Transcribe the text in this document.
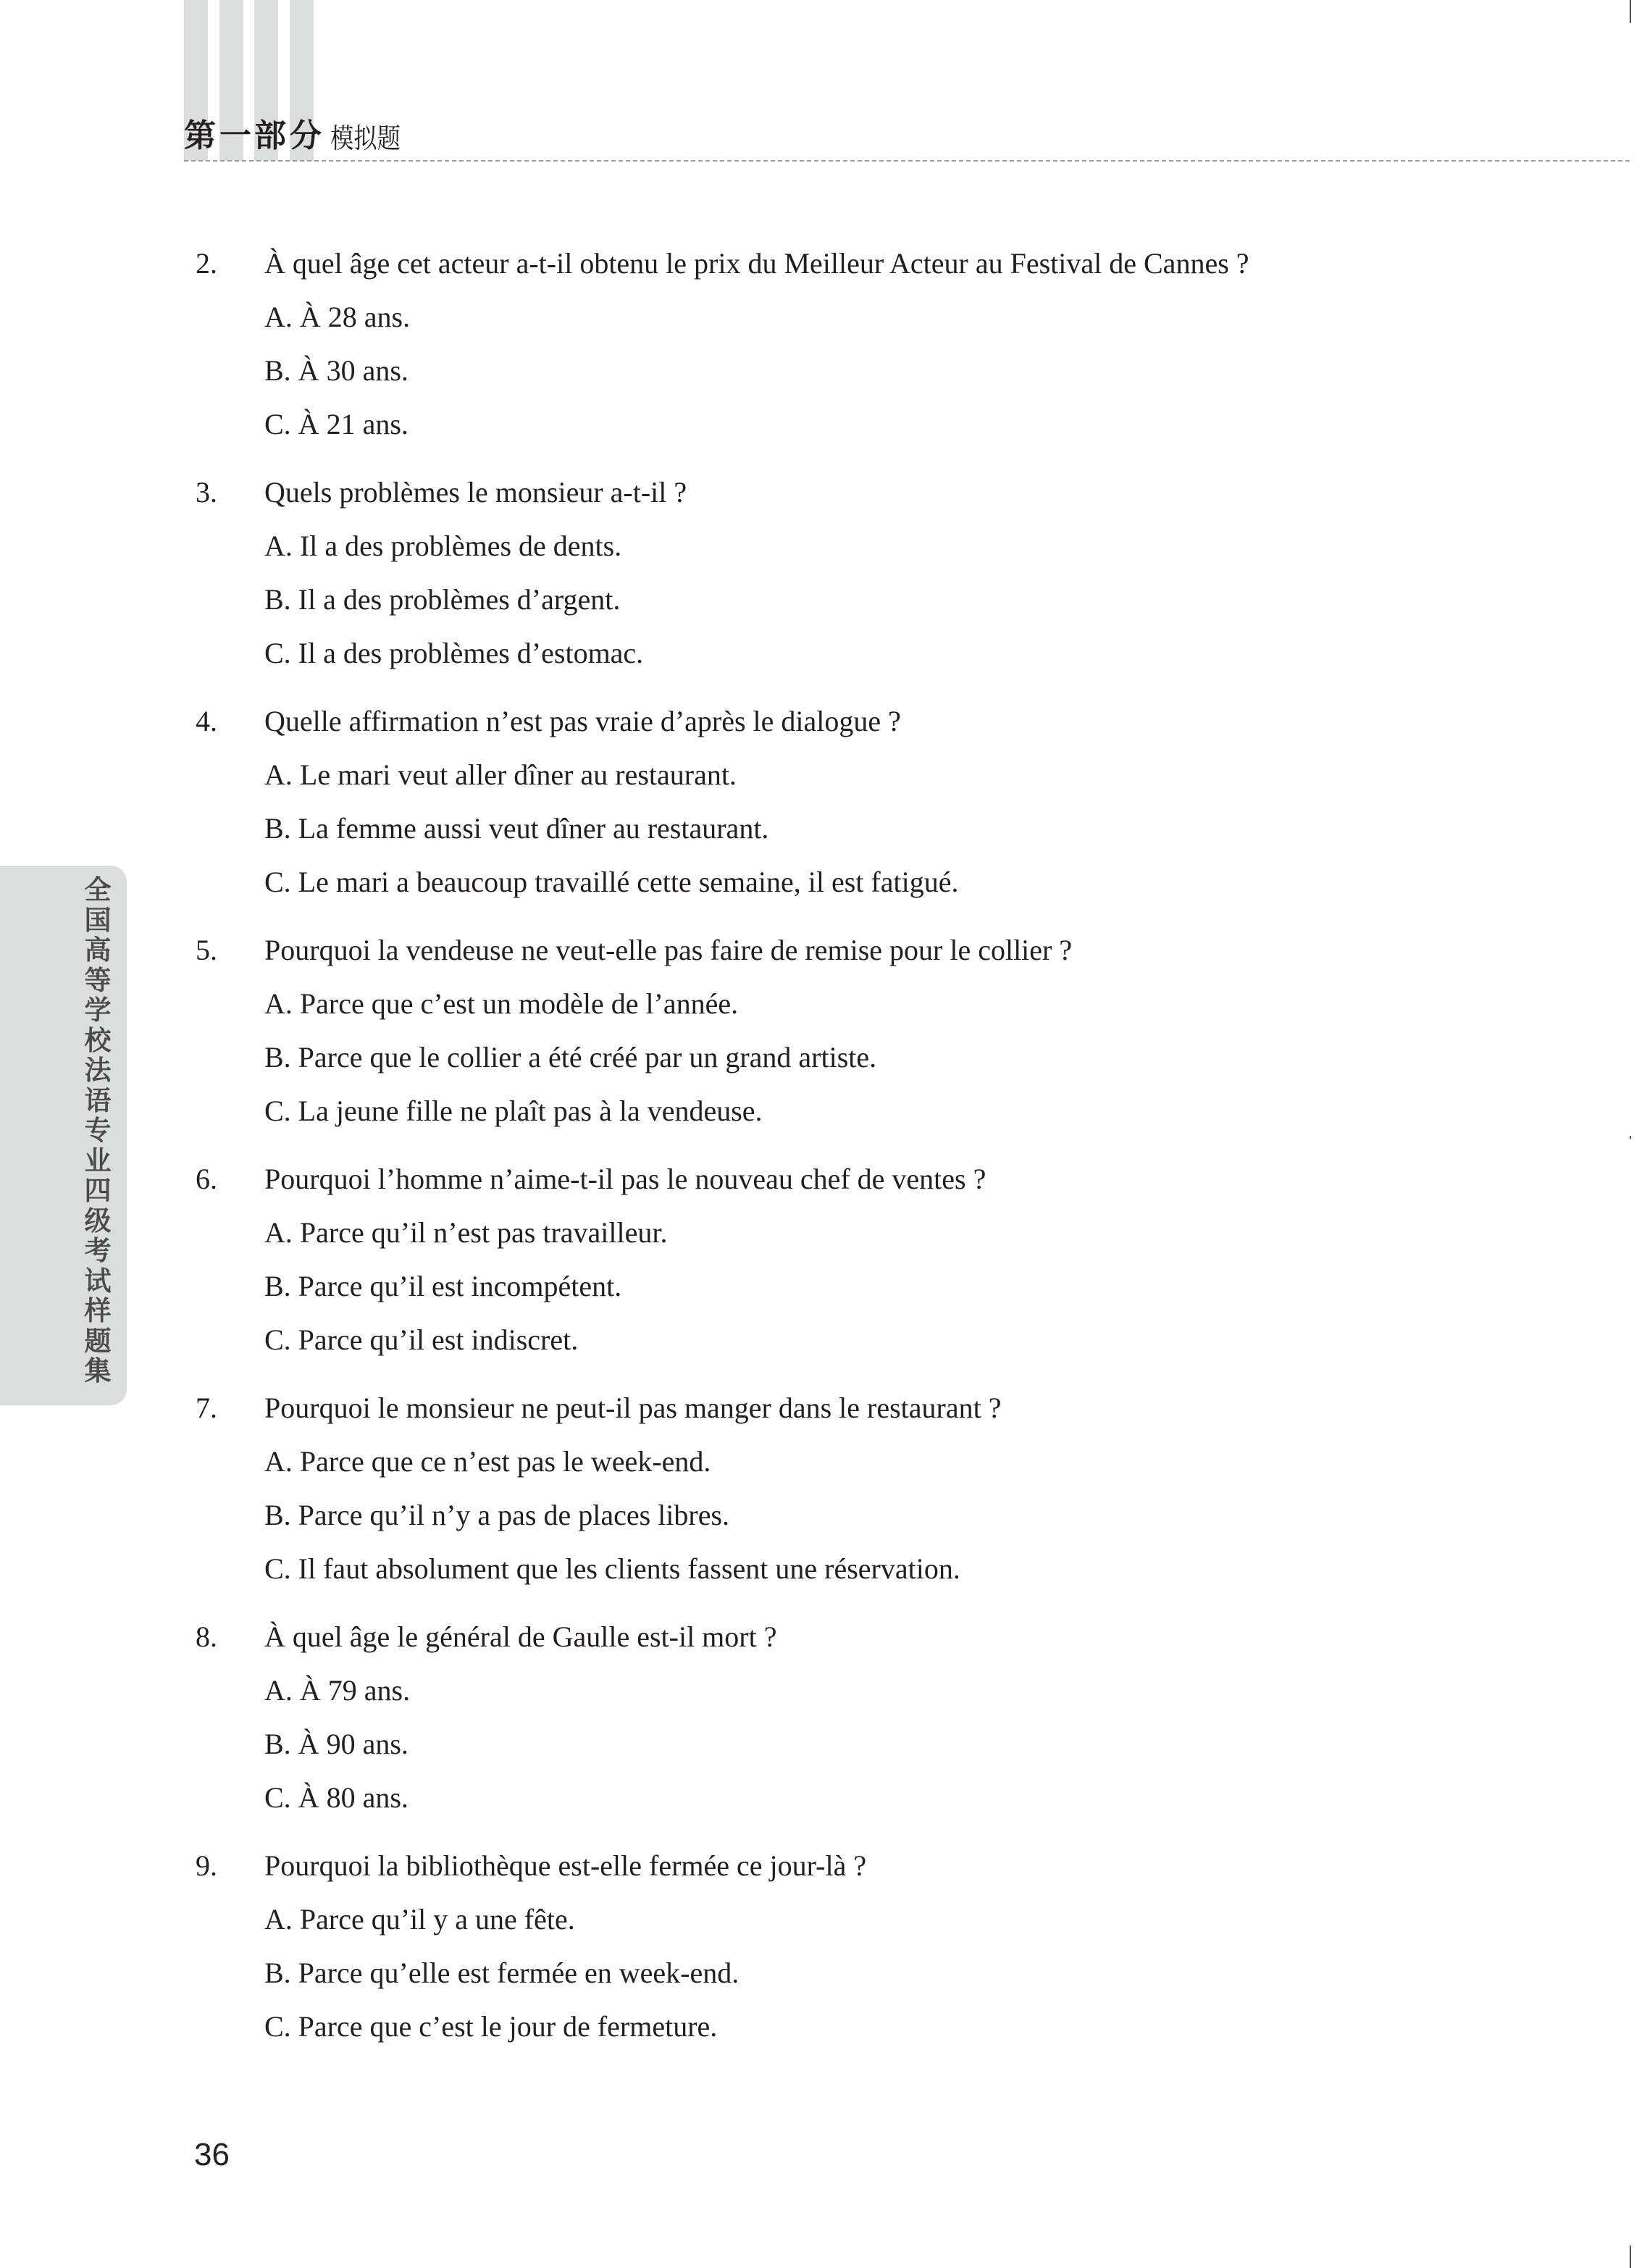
第 一 部 分 模拟题
全国高等学校法语专业四级考试样题集
2. À quel âge cet acteur a-t-il obtenu le prix du Meilleur Acteur au Festival de Cannes ?
A. À 28 ans.
B. À 30 ans.
C. À 21 ans.
3. Quels problèmes le monsieur a-t-il ?
A. Il a des problèmes de dents.
B. Il a des problèmes d’argent.
C. Il a des problèmes d’estomac.
4. Quelle affirmation n’est pas vraie d’après le dialogue ?
A. Le mari veut aller dîner au restaurant.
B. La femme aussi veut dîner au restaurant.
C. Le mari a beaucoup travaillé cette semaine, il est fatigué.
5. Pourquoi la vendeuse ne veut-elle pas faire de remise pour le collier ?
A. Parce que c’est un modèle de l’année.
B. Parce que le collier a été créé par un grand artiste.
C. La jeune fille ne plaît pas à la vendeuse.
6. Pourquoi l’homme n’aime-t-il pas le nouveau chef de ventes ?
A. Parce qu’il n’est pas travailleur.
B. Parce qu’il est incompétent.
C. Parce qu’il est indiscret.
7. Pourquoi le monsieur ne peut-il pas manger dans le restaurant ?
A. Parce que ce n’est pas le week-end.
B. Parce qu’il n’y a pas de places libres.
C. Il faut absolument que les clients fassent une réservation.
8. À quel âge le général de Gaulle est-il mort ?
A. À 79 ans.
B. À 90 ans.
C. À 80 ans.
9. Pourquoi la bibliothèque est-elle fermée ce jour-là ?
A. Parce qu’il y a une fête.
B. Parce qu’elle est fermée en week-end.
C. Parce que c’est le jour de fermeture.
36
